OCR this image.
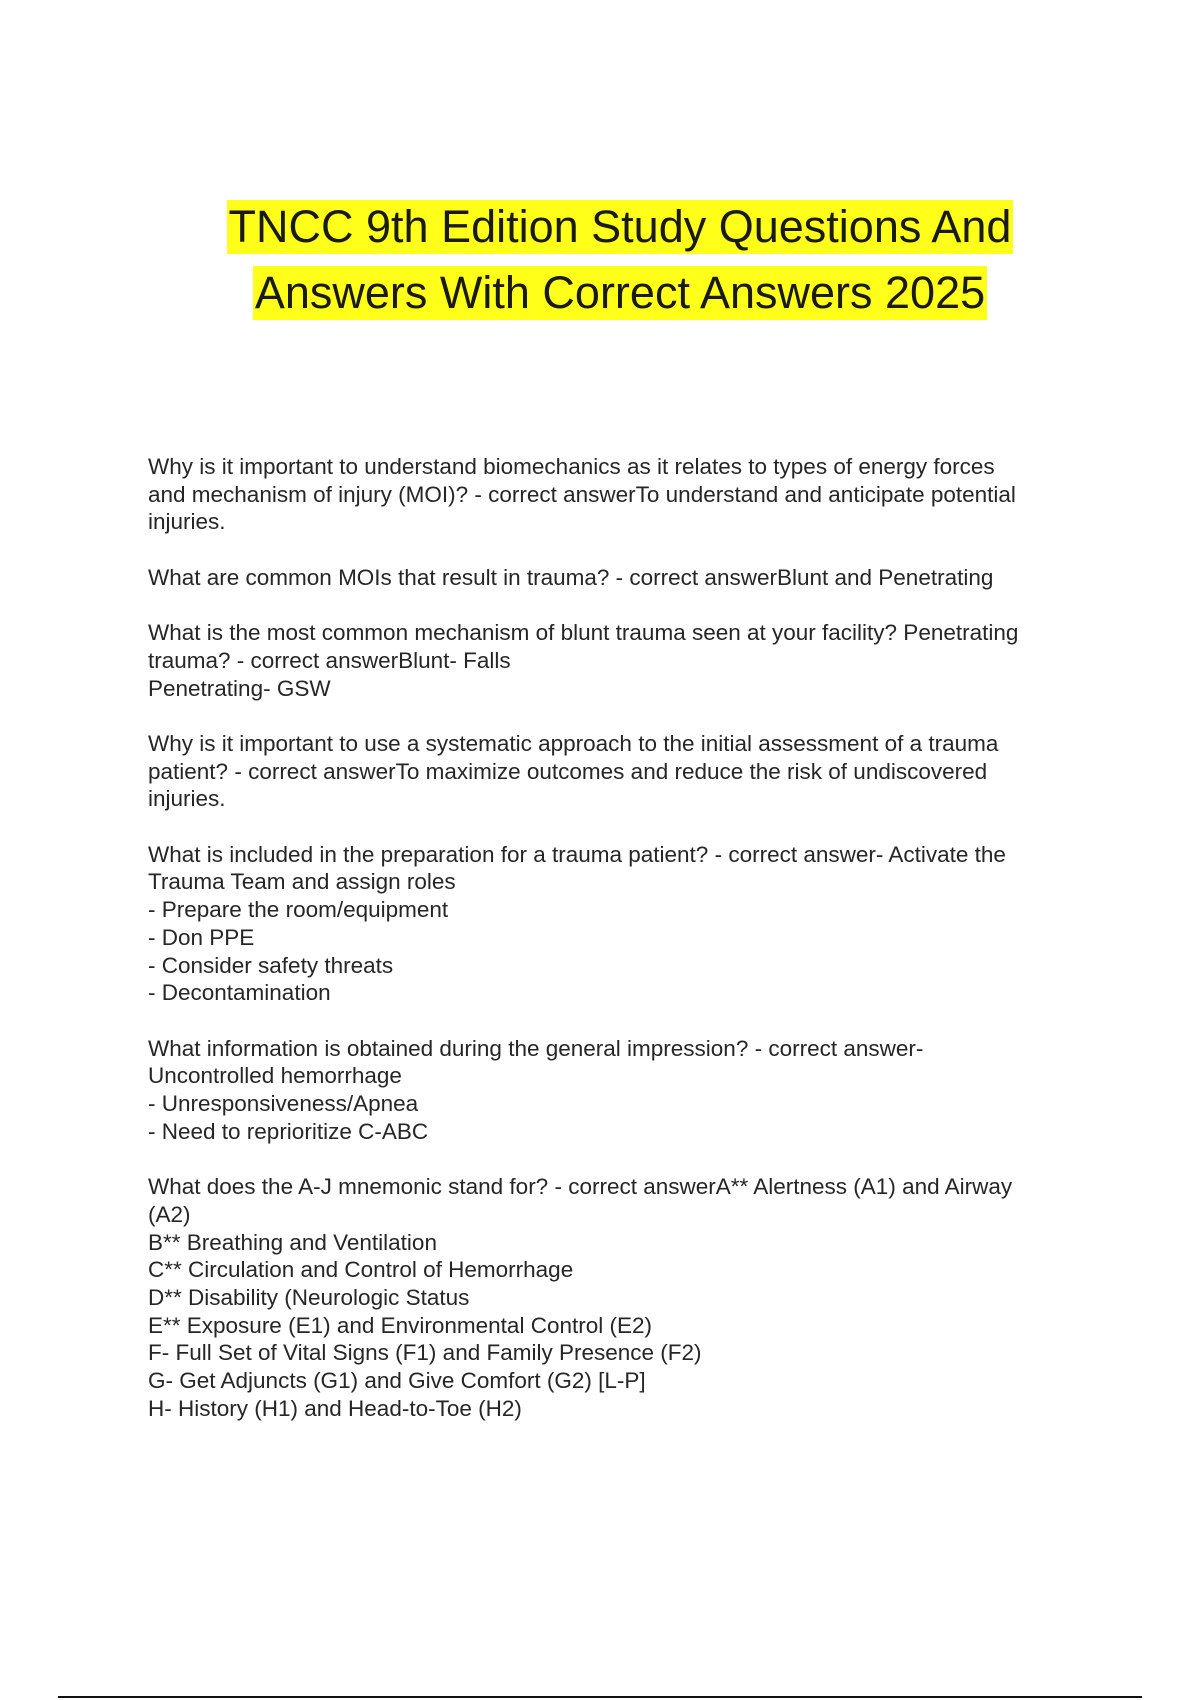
TNCC 9th Edition Study Questions And
Answers With Correct Answers 2025
Why is it important to understand biomechanics as it relates to types of energy forces
and mechanism of injury (MOI)? - correct answerTo understand and anticipate potential
injuries.
What are common MOIs that result in trauma? - correct answerBlunt and Penetrating
What is the most common mechanism of blunt trauma seen at your facility? Penetrating
trauma? - correct answerBlunt- Falls
Penetrating- GSW
Why is it important to use a systematic approach to the initial assessment of a trauma
patient? - correct answerTo maximize outcomes and reduce the risk of undiscovered
injuries.
What is included in the preparation for a trauma patient? - correct answer- Activate the
Trauma Team and assign roles
- Prepare the room/equipment
- Don PPE
- Consider safety threats
- Decontamination
What information is obtained during the general impression? - correct answer-
Uncontrolled hemorrhage
- Unresponsiveness/Apnea
- Need to reprioritize C-ABC
What does the A-J mnemonic stand for? - correct answerA** Alertness (A1) and Airway
(A2)
B** Breathing and Ventilation
C** Circulation and Control of Hemorrhage
D** Disability (Neurologic Status
E** Exposure (E1) and Environmental Control (E2)
F- Full Set of Vital Signs (F1) and Family Presence (F2)
G- Get Adjuncts (G1) and Give Comfort (G2) [L-P]
H- History (H1) and Head-to-Toe (H2)
